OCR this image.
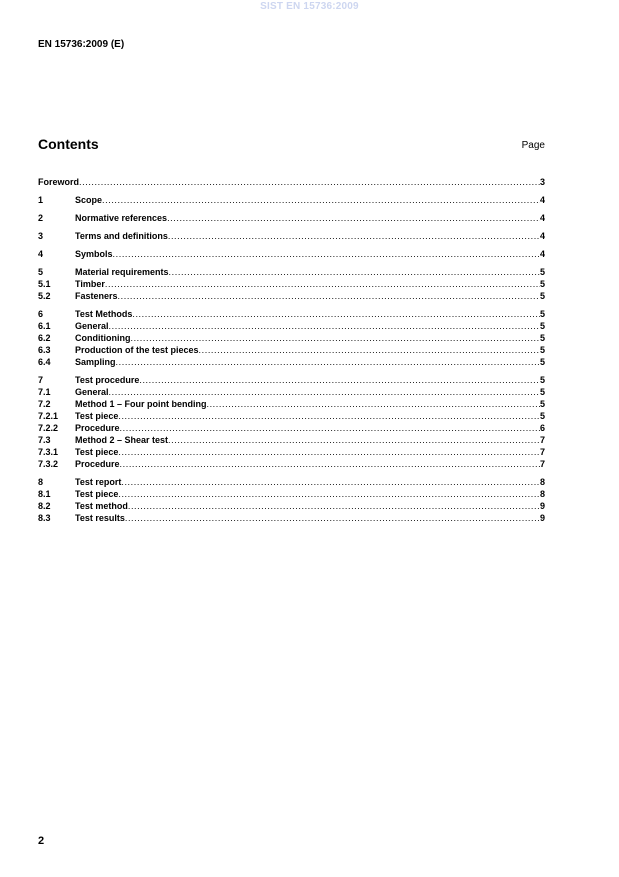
SIST EN 15736:2009
EN 15736:2009 (E)
Contents	Page
Foreword .....	3
1	Scope .....	4
2	Normative references .....	4
3	Terms and definitions .....	4
4	Symbols .....	4
5	Material requirements .....	5
5.1	Timber .....	5
5.2	Fasteners .....	5
6	Test Methods .....	5
6.1	General .....	5
6.2	Conditioning .....	5
6.3	Production of the test pieces .....	5
6.4	Sampling .....	5
7	Test procedure .....	5
7.1	General .....	5
7.2	Method 1 – Four point bending .....	5
7.2.1	Test piece .....	5
7.2.2	Procedure .....	6
7.3	Method 2 – Shear test .....	7
7.3.1	Test piece .....	7
7.3.2	Procedure .....	7
8	Test report .....	8
8.1	Test piece .....	8
8.2	Test method .....	9
8.3	Test results .....	9
2
